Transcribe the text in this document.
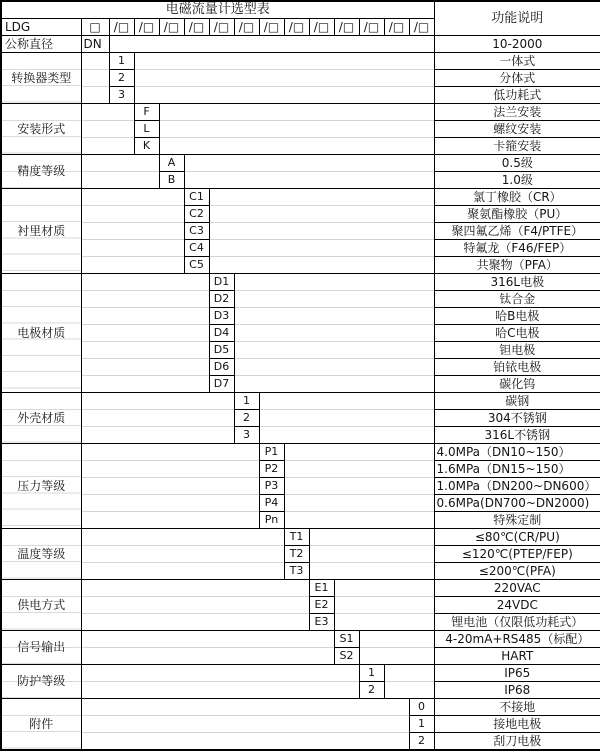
电磁流量计选型表															功能说明
LDG	□	/□	/□	/□	/□	/□	/□	/□	/□	/□	/□	/□	/□	/□	
公称直径	DN														10-2000
转换器类型		1													一体式
		2													分体式
		3													低功耗式
安装形式			F												法兰安装
			L												螺纹安装
			K												卡箍安装
精度等级				A											0.5级
				B											1.0级
衬里材质					C1										氯丁橡胶（CR）
					C2										聚氨酯橡胶（PU）
					C3										聚四氟乙烯（F4/PTFE）
					C4										特氟龙（F46/FEP）
					C5										共聚物（PFA）
电极材质						D1									316L电极
						D2									钛合金
						D3									哈B电极
						D4									哈C电极
						D5									钽电极
						D6									铂铱电极
						D7									碳化钨
外壳材质							1								碳钢
							2								304不锈钢
							3								316L不锈钢
压力等级								P1							4.0MPa（DN10~150）
								P2							1.6MPa（DN15~150）
								P3							1.0MPa（DN200~DN600）
								P4							0.6MPa(DN700~DN2000)
								Pn							特殊定制
温度等级									T1						≤80℃(CR/PU)
									T2						≤120℃(PTEP/FEP)
									T3						≤200℃(PFA)
供电方式										E1					220VAC
										E2					24VDC
										E3					锂电池（仅限低功耗式）
信号输出											S1				4-20mA+RS485（标配）
											S2				HART
防护等级												1			IP65
												2			IP68
附件														0	不接地
														1	接地电极
														2	刮刀电极
